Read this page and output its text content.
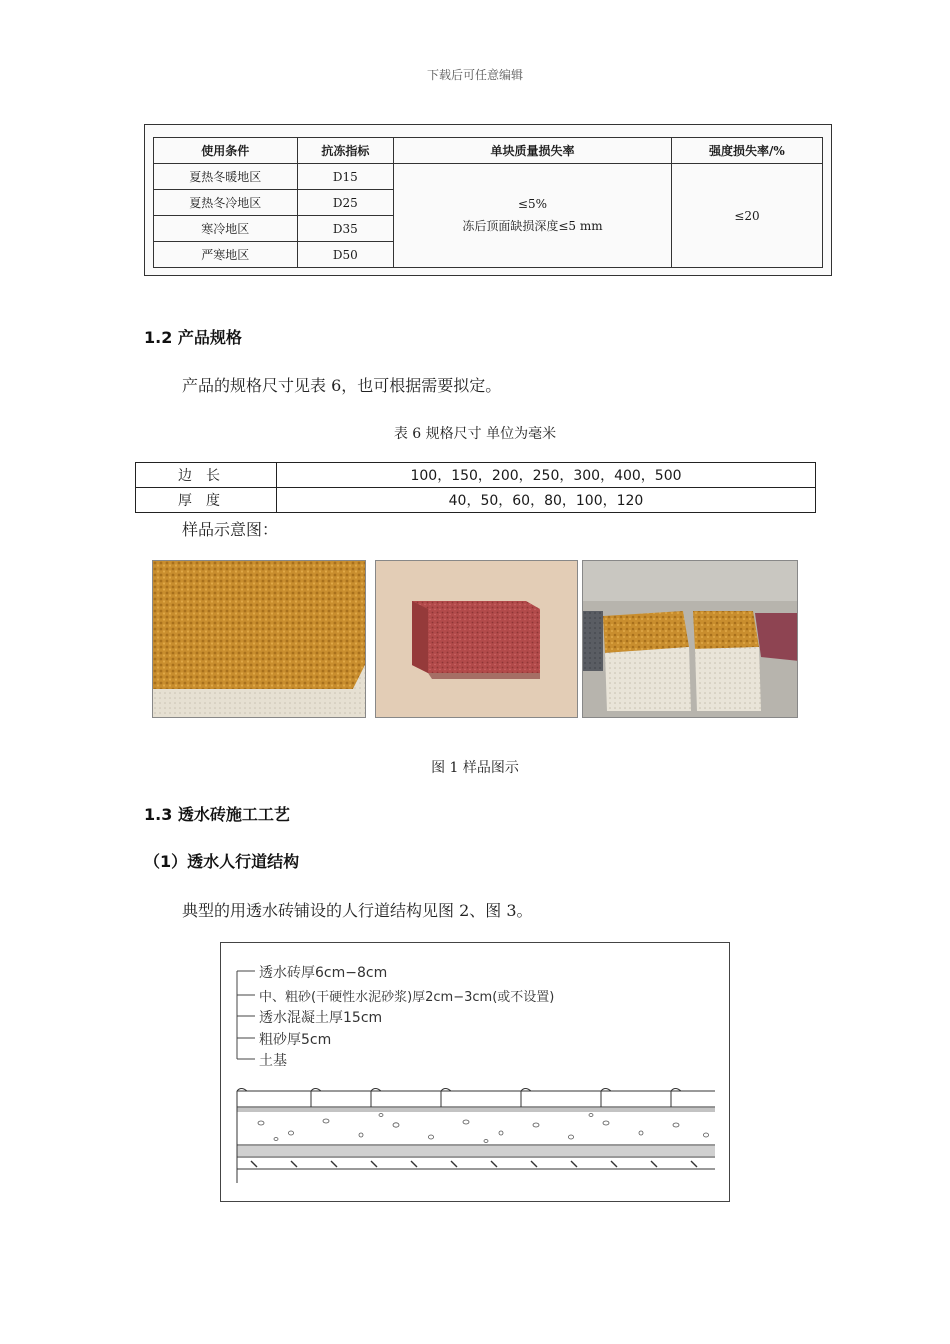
下载后可任意编辑
使用条件	抗冻指标	单块质量损失率	强度损失率/%
夏热冬暖地区	D15	≤5%
冻后顶面缺损深度≤5 mm	≤20
夏热冬冷地区	D25		
寒冷地区	D35		
严寒地区	D50		
1.2 产品规格
产品的规格尺寸见表 6，也可根据需要拟定。
表 6 规格尺寸 单位为毫米
边长	100，150，200，250，300，400，500
厚度	40，50，60，80，100，120
样品示意图：
图 1 样品图示
1.3 透水砖施工工艺
（1）透水人行道结构
典型的用透水砖铺设的人行道结构见图 2、图 3。
透水砖厚6cm−8cm
中、粗砂(干硬性水泥砂浆)厚2cm−3cm(或不设置)
透水混凝土厚15cm
粗砂厚5cm
土基
